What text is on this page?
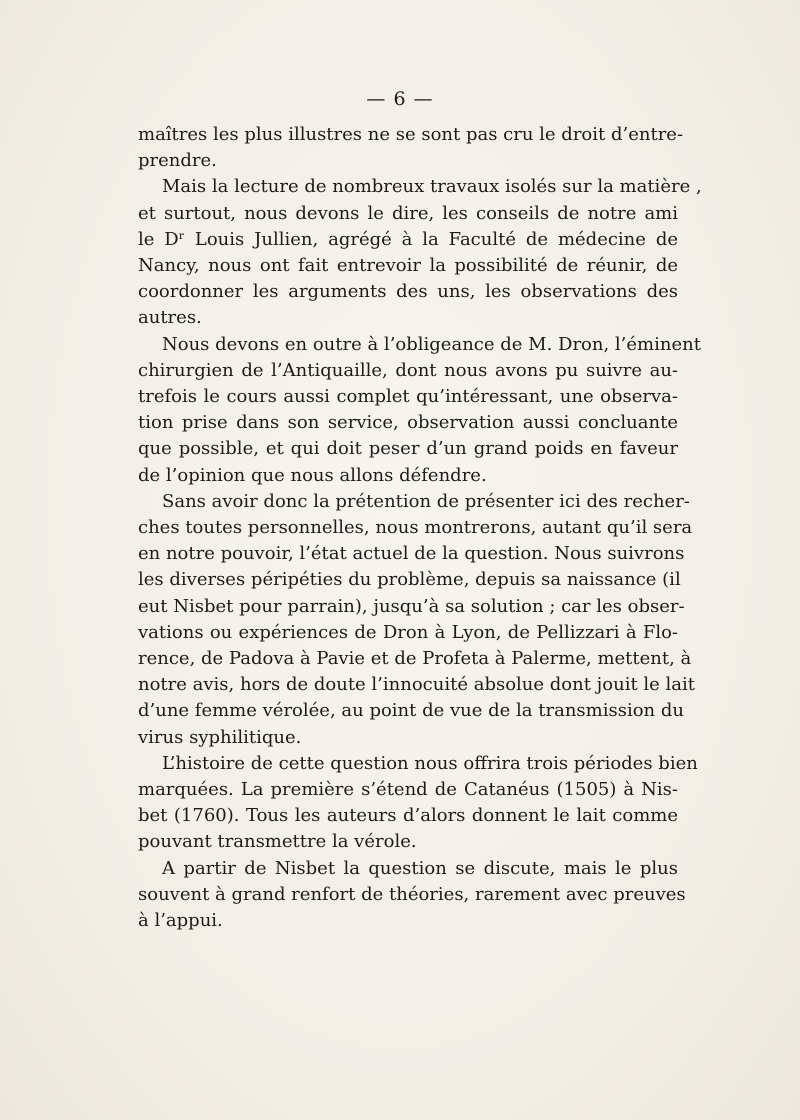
— 6 —
maîtres les plus illustres ne se sont pas cru le droit d’entre-
prendre.
Mais la lecture de nombreux travaux isolés sur la matière ,
et surtout, nous devons le dire, les conseils de notre ami
le Dʳ Louis Jullien, agrégé à la Faculté de médecine de
Nancy, nous ont fait entrevoir la possibilité de réunir, de
coordonner les arguments des uns, les observations des
autres.
Nous devons en outre à l’obligeance de M. Dron, l’éminent
chirurgien de l’Antiquaille, dont nous avons pu suivre au-
trefois le cours aussi complet qu’intéressant, une observa-
tion prise dans son service, observation aussi concluante
que possible, et qui doit peser d’un grand poids en faveur
de l’opinion que nous allons défendre.
Sans avoir donc la prétention de présenter ici des recher-
ches toutes personnelles, nous montrerons, autant qu’il sera
en notre pouvoir, l’état actuel de la question. Nous suivrons
les diverses péripéties du problème, depuis sa naissance (il
eut Nisbet pour parrain), jusqu’à sa solution ; car les obser-
vations ou expériences de Dron à Lyon, de Pellizzari à Flo-
rence, de Padova à Pavie et de Profeta à Palerme, mettent, à
notre avis, hors de doute l’innocuité absolue dont jouit le lait
d’une femme vérolée, au point de vue de la transmission du
virus syphilitique.
L’histoire de cette question nous offrira trois périodes bien
marquées. La première s’étend de Catanéus (1505) à Nis-
bet (1760). Tous les auteurs d’alors donnent le lait comme
pouvant transmettre la vérole.
A partir de Nisbet la question se discute, mais le plus
souvent à grand renfort de théories, rarement avec preuves
à l’appui.
